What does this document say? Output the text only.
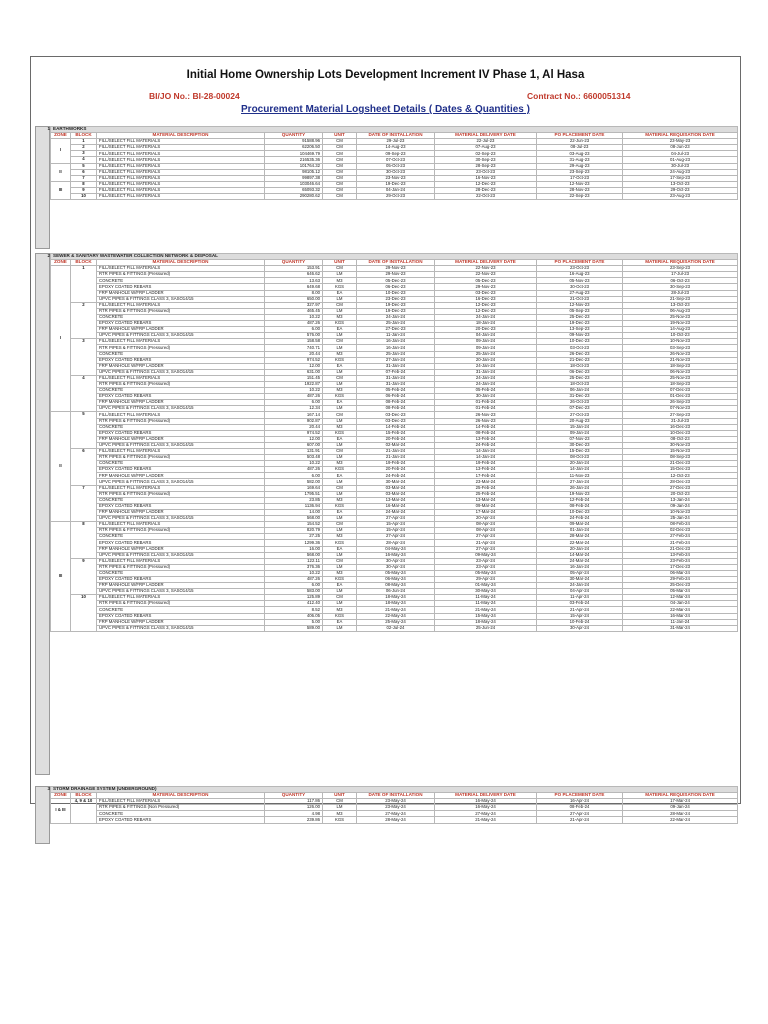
Initial Home Ownership Lots Development Increment IV Phase 1, Al Hasa
BI/JO No.: BI-28-00024	Contract No.: 6600051314
Procurement Material Logsheet Details ( Dates & Quantities )
1 EARTHWORKS								
ZONE	BLOCK	MATERIAL DESCRIPTION	QUANTITY	UNIT	DATE OF INSTALLATION	MATERIAL DELIVERY DATE	PO PLACEMENT DATE	MATERIAL REQUISATION DATE
I	1	FILL/SELECT FILL MATERIALS	91588.96	CM	29-Jul-23	22-Jul-23	22-Jun-23	23-May-23
	2	FILL/SELECT FILL MATERIALS	62206.50	CM	14-Aug-23	07-Aug-23	08-Jul-23	08-Jun-23
	3	FILL/SELECT FILL MATERIALS	104469.79	CM	09-Sep-23	02-Sep-23	03-Aug-23	04-Jul-23
	4	FILL/SELECT FILL MATERIALS	216535.36	CM	07-Oct-23	30-Sep-23	31-Aug-23	01-Aug-23
II	5	FILL/SELECT FILL MATERIALS	101764.32	CM	05-Oct-23	28-Sep-23	29-Aug-23	30-Jul-23
	6	FILL/SELECT FILL MATERIALS	98105.12	CM	30-Oct-23	23-Oct-23	23-Sep-23	24-Aug-23
	7	FILL/SELECT FILL MATERIALS	99897.38	CM	23-Nov-23	16-Nov-23	17-Oct-23	17-Sep-23
III	8	FILL/SELECT FILL MATERIALS	103046.64	CM	19-Dec-23	12-Dec-23	12-Nov-23	13-Oct-23
	9	FILL/SELECT FILL MATERIALS	65093.32	CM	04-Jan-24	28-Dec-23	28-Nov-23	29-Oct-23
	10	FILL/SELECT FILL MATERIALS	290280.62	CM	29-Oct-23	22-Oct-23	22-Sep-23	23-Aug-23
2 SEWER & SANITARY WASTEWATER COLLECTION NETWORK & DISPOSAL								
ZONE	BLOCK	MATERIAL DESCRIPTION	QUANTITY	UNIT	DATE OF INSTALLATION	MATERIAL DELIVERY DATE	PO PLACEMENT DATE	MATERIAL REQUISATION DATE
I	1	FILL/SELECT FILL MATERIALS	153.91	CM	29-Nov-23	22-Nov-23	23-Oct-23	23-Sep-23
		RTR PIPES & FITTINGS (Pressured)	646.62	LM	29-Nov-23	22-Nov-23	16-Aug-23	17-Jul-23
		CONCRETE	13.63	M3	05-Dec-23	05-Dec-23	05-Nov-23	06-Oct-23
		EPOXY COATED REBARS	649.68	KGS	06-Dec-23	29-Nov-23	30-Oct-23	30-Sep-23
		FRP MANHOLE W/FRP LADDER	8.00	EA	10-Dec-23	03-Dec-23	27-Aug-23	28-Jul-23
		UPVC PIPES & FITTINGS CLASS 3, SASO14/15	650.00	LM	23-Dec-23	16-Dec-23	21-Oct-23	21-Sep-23
	2	FILL/SELECT FILL MATERIALS	327.97	CM	19-Dec-23	12-Dec-23	12-Nov-23	13-Oct-23
		RTR PIPES & FITTINGS (Pressured)	465.45	LM	19-Dec-23	12-Dec-23	05-Sep-23	06-Aug-23
		CONCRETE	10.22	M3	24-Jan-24	24-Jan-24	25-Dec-23	25-Nov-23
		EPOXY COATED REBARS	487.26	KGS	25-Jan-24	18-Jan-24	19-Dec-23	19-Nov-23
		FRP MANHOLE W/FRP LADDER	6.00	EA	27-Dec-23	20-Dec-23	13-Sep-23	14-Aug-23
		UPVC PIPES & FITTINGS CLASS 3, SASO14/15	576.00	LM	11-Jan-24	04-Jan-24	09-Nov-23	10-Oct-23
	3	FILL/SELECT FILL MATERIALS	158.58	CM	16-Jan-24	09-Jan-24	10-Dec-23	10-Nov-23
		RTR PIPES & FITTINGS (Pressured)	740.71	LM	16-Jan-24	09-Jan-24	03-Oct-23	03-Sep-23
		CONCRETE	20.44	M3	25-Jan-24	25-Jan-24	26-Dec-23	26-Nov-23
		EPOXY COATED REBARS	974.52	KGS	27-Jan-24	20-Jan-24	21-Dec-23	21-Nov-23
		FRP MANHOLE W/FRP LADDER	12.00	EA	31-Jan-24	24-Jan-24	18-Oct-23	18-Sep-23
		UPVC PIPES & FITTINGS CLASS 3, SASO14/15	631.00	LM	07-Feb-24	31-Jan-24	06-Dec-23	06-Nov-23
	4	FILL/SELECT FILL MATERIALS	151.45	CM	31-Jan-24	24-Jan-24	25-Dec-23	25-Nov-23
		RTR PIPES & FITTINGS (Pressured)	1922.87	LM	31-Jan-24	24-Jan-24	18-Oct-23	18-Sep-23
		CONCRETE	10.22	M3	05-Feb-24	05-Feb-24	06-Jan-24	07-Dec-23
		EPOXY COATED REBARS	487.26	KGS	06-Feb-24	30-Jan-24	31-Dec-23	01-Dec-23
		FRP MANHOLE W/FRP LADDER	6.00	EA	08-Feb-24	01-Feb-24	26-Oct-23	26-Sep-23
		UPVC PIPES & FITTINGS CLASS 3, SASO14/15	12.34	LM	08-Feb-24	01-Feb-24	07-Dec-23	07-Nov-23
II	5	FILL/SELECT FILL MATERIALS	167.14	CM	03-Dec-23	26-Nov-23	27-Oct-23	27-Sep-23
		RTR PIPES & FITTINGS (Pressured)	902.87	LM	03-Dec-23	26-Nov-23	20-Aug-23	21-Jul-23
		CONCRETE	20.44	M3	14-Feb-24	14-Feb-24	15-Jan-24	16-Dec-23
		EPOXY COATED REBARS	974.52	KGS	15-Feb-24	08-Feb-24	09-Jan-24	10-Dec-23
		FRP MANHOLE W/FRP LADDER	12.00	EA	20-Feb-24	13-Feb-24	07-Nov-23	08-Oct-23
		UPVC PIPES & FITTINGS CLASS 3, SASO14/15	607.00	LM	02-Mar-24	24-Feb-24	30-Dec-23	30-Nov-23
	6	FILL/SELECT FILL MATERIALS	131.91	CM	21-Jan-24	14-Jan-24	15-Dec-23	15-Nov-23
		RTR PIPES & FITTINGS (Pressured)	503.48	LM	21-Jan-24	14-Jan-24	08-Oct-23	08-Sep-23
		CONCRETE	10.22	M3	19-Feb-24	19-Feb-24	20-Jan-24	21-Dec-23
		EPOXY COATED REBARS	487.26	KGS	20-Feb-24	13-Feb-24	14-Jan-24	15-Dec-23
		FRP MANHOLE W/FRP LADDER	6.00	EA	24-Feb-24	17-Feb-24	11-Nov-23	12-Oct-23
		UPVC PIPES & FITTINGS CLASS 3, SASO14/15	582.00	LM	30-Mar-24	23-Mar-24	27-Jan-24	28-Dec-23
	7	FILL/SELECT FILL MATERIALS	169.64	CM	03-Mar-24	25-Feb-24	26-Jan-24	27-Dec-23
		RTR PIPES & FITTINGS (Pressured)	1795.51	LM	03-Mar-24	25-Feb-24	19-Nov-23	20-Oct-23
		CONCRETE	23.85	M3	13-Mar-24	13-Mar-24	12-Feb-24	13-Jan-24
		EPOXY COATED REBARS	1136.94	KGS	16-Mar-24	09-Mar-24	08-Feb-24	09-Jan-24
		FRP MANHOLE W/FRP LADDER	14.00	EA	24-Mar-24	17-Mar-24	10-Dec-23	10-Nov-23
		UPVC PIPES & FITTINGS CLASS 3, SASO14/15	568.00	LM	27-Apr-24	20-Apr-24	24-Feb-24	25-Jan-24
III	8	FILL/SELECT FILL MATERIALS	154.52	CM	15-Apr-24	08-Apr-24	09-Mar-24	08-Feb-24
		RTR PIPES & FITTINGS (Pressured)	820.79	LM	15-Apr-24	08-Apr-24	01-Jan-24	02-Dec-23
		CONCRETE	27.25	M3	27-Apr-24	27-Apr-24	28-Mar-24	27-Feb-24
		EPOXY COATED REBARS	1299.36	KGS	28-Apr-24	21-Apr-24	22-Mar-24	21-Feb-24
		FRP MANHOLE W/FRP LADDER	16.00	EA	04-May-24	27-Apr-24	20-Jan-24	21-Dec-23
		UPVC PIPES & FITTINGS CLASS 3, SASO14/15	568.00	LM	16-May-24	09-May-24	14-Mar-24	13-Feb-24
	9	FILL/SELECT FILL MATERIALS	122.11	CM	30-Apr-24	23-Apr-24	24-Mar-24	23-Feb-24
		RTR PIPES & FITTINGS (Pressured)	376.36	LM	30-Apr-24	23-Apr-24	16-Jan-24	17-Dec-23
		CONCRETE	10.22	M3	05-May-24	05-May-24	05-Apr-24	06-Mar-24
		EPOXY COATED REBARS	487.26	KGS	06-May-24	29-Apr-24	30-Mar-24	29-Feb-24
		FRP MANHOLE W/FRP LADDER	6.00	EA	08-May-24	01-May-24	24-Jan-24	25-Dec-23
		UPVC PIPES & FITTINGS CLASS 3, SASO14/15	583.00	LM	06-Jun-24	30-May-24	04-Apr-24	05-Mar-24
	10	FILL/SELECT FILL MATERIALS	125.89	CM	18-May-24	11-May-24	11-Apr-24	12-Mar-24
		RTR PIPES & FITTINGS (Pressured)	412.40	LM	18-May-24	11-May-24	03-Feb-24	04-Jan-24
		CONCRETE	8.52	M3	21-May-24	21-May-24	21-Apr-24	22-Mar-24
		EPOXY COATED REBARS	406.05	KGS	22-May-24	15-May-24	15-Apr-24	16-Mar-24
		FRP MANHOLE W/FRP LADDER	5.00	EA	25-May-24	18-May-24	10-Feb-24	11-Jan-24
		UPVC PIPES & FITTINGS CLASS 3, SASO14/15	589.00	LM	02-Jul-24	25-Jun-24	30-Apr-24	31-Mar-24
3 STORM DRAINAGE SYSTEM (UNDERGROUND)								
ZONE	BLOCK	MATERIAL DESCRIPTION	QUANTITY	UNIT	DATE OF INSTALLATION	MATERIAL DELIVERY DATE	PO PLACEMENT DATE	MATERIAL REQUISATION DATE
I & III	4, 9 & 10	FILL/SELECT FILL MATERIALS	117.86	CM	23-May-24	16-May-24	16-Apr-24	17-Mar-24
		RTR PIPES & FITTINGS (Non Pressured)	126.00	LM	23-May-24	16-May-24	08-Feb-24	09-Jan-24
		CONCRETE	4.98	M3	27-May-24	27-May-24	27-Apr-24	28-Mar-24
		EPOXY COATED REBARS	239.86	KGS	28-May-24	21-May-24	21-Apr-24	22-Mar-24
